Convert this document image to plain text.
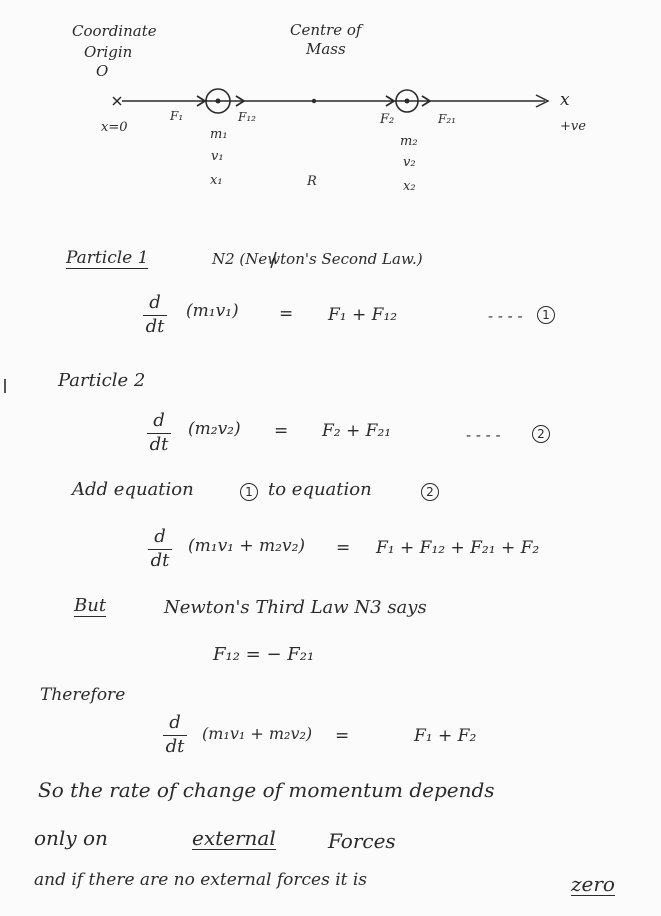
Coordinate
Origin
O
x=0
Centre of
Mass
x
+ve
F₁	F₁₂	F₂	F₂₁
m₁
v₁
x₁	R
m₂
v₂
x₂
Particle 1	N2 (Newton's Second Law.)
d
dt
(m₁v₁) = F₁ + F₁₂	- - - -	1
Particle 2
d
dt
(m₂v₂) = F₂ + F₂₁	- - - -	2
Add equation	1 to equation	2
d
dt
(m₁v₁ + m₂v₂) = F₁ + F₁₂ + F₂₁ + F₂
But	Newton's Third Law N3 says
F₁₂ = − F₂₁
Therefore
d
dt
(m₁v₁ + m₂v₂) =	F₁ + F₂
So the rate of change of momentum depends
only on	external	Forces
and if there are no external forces it is	zero
